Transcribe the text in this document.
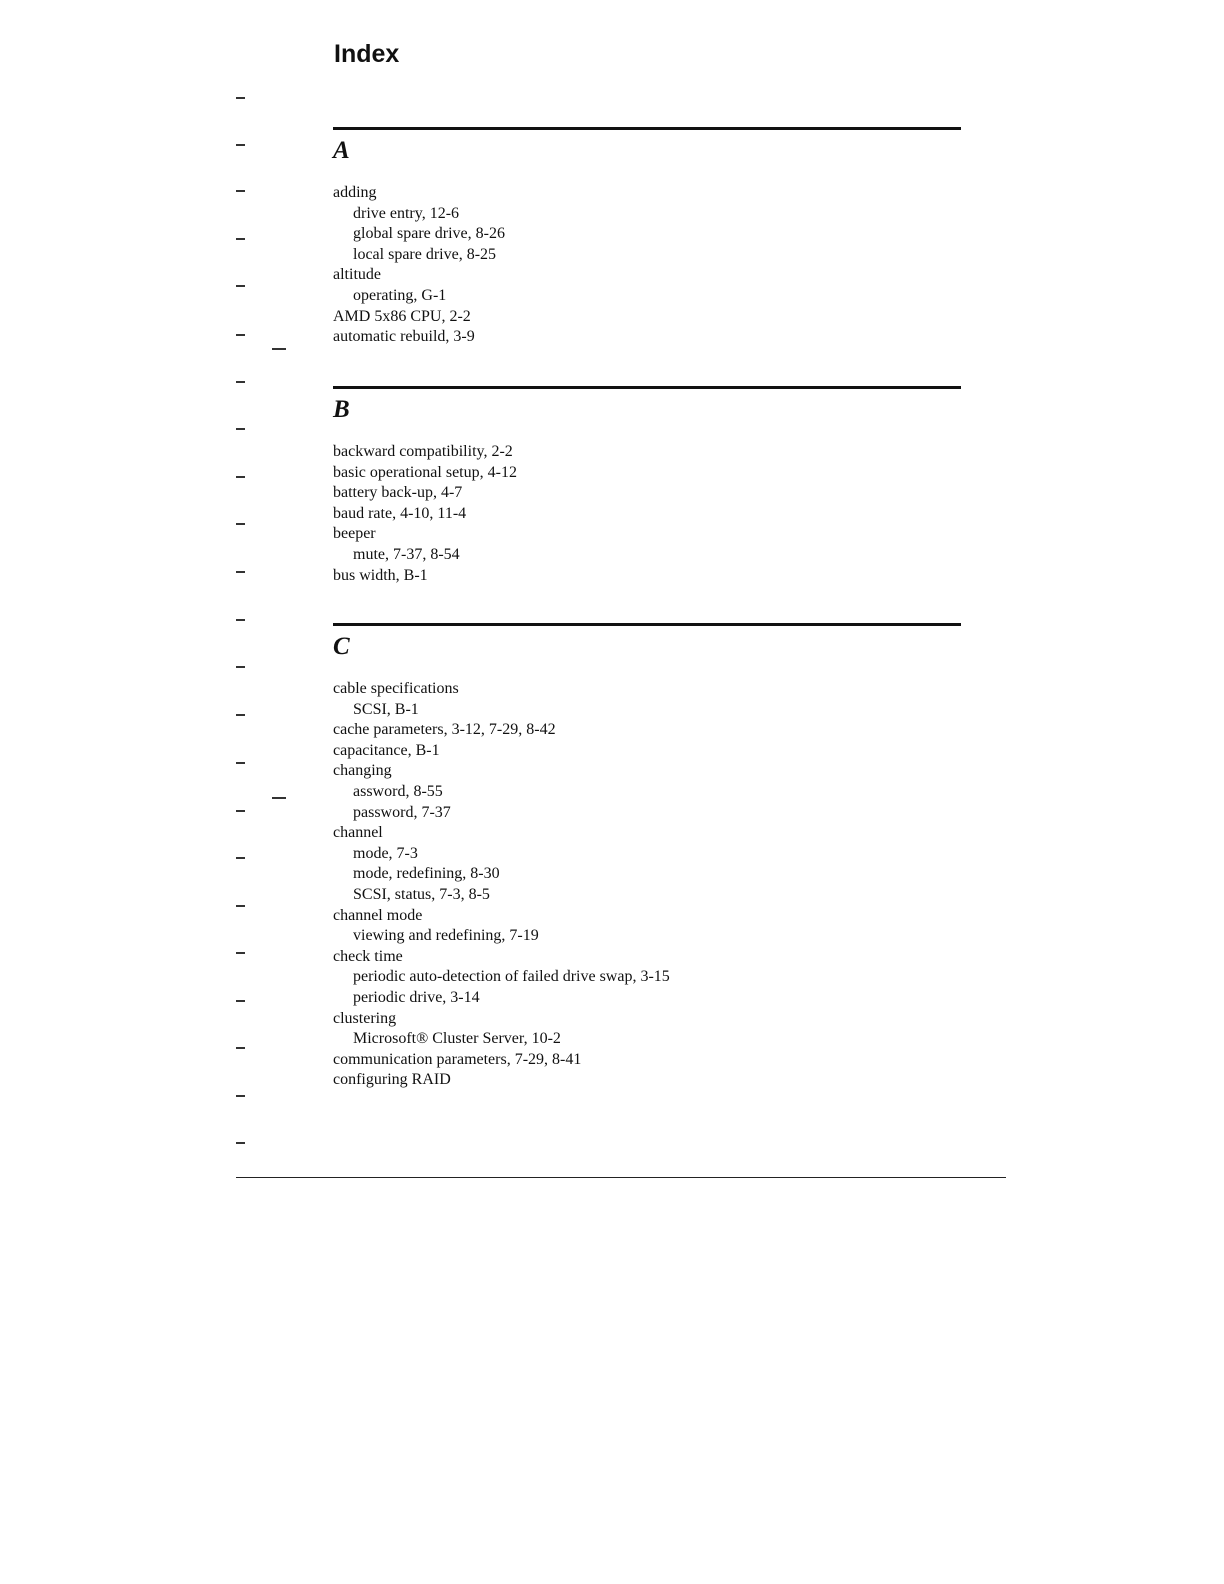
Index
A
adding
drive entry, 12-6
global spare drive, 8-26
local spare drive, 8-25
altitude
operating, G-1
AMD 5x86 CPU, 2-2
automatic rebuild, 3-9
B
backward compatibility, 2-2
basic operational setup, 4-12
battery back-up, 4-7
baud rate, 4-10, 11-4
beeper
mute, 7-37, 8-54
bus width, B-1
C
cable specifications
SCSI, B-1
cache parameters, 3-12, 7-29, 8-42
capacitance, B-1
changing
assword, 8-55
password, 7-37
channel
mode, 7-3
mode, redefining, 8-30
SCSI, status, 7-3, 8-5
channel mode
viewing and redefining, 7-19
check time
periodic auto-detection of failed drive swap, 3-15
periodic drive, 3-14
clustering
Microsoft® Cluster Server, 10-2
communication parameters, 7-29, 8-41
configuring RAID
